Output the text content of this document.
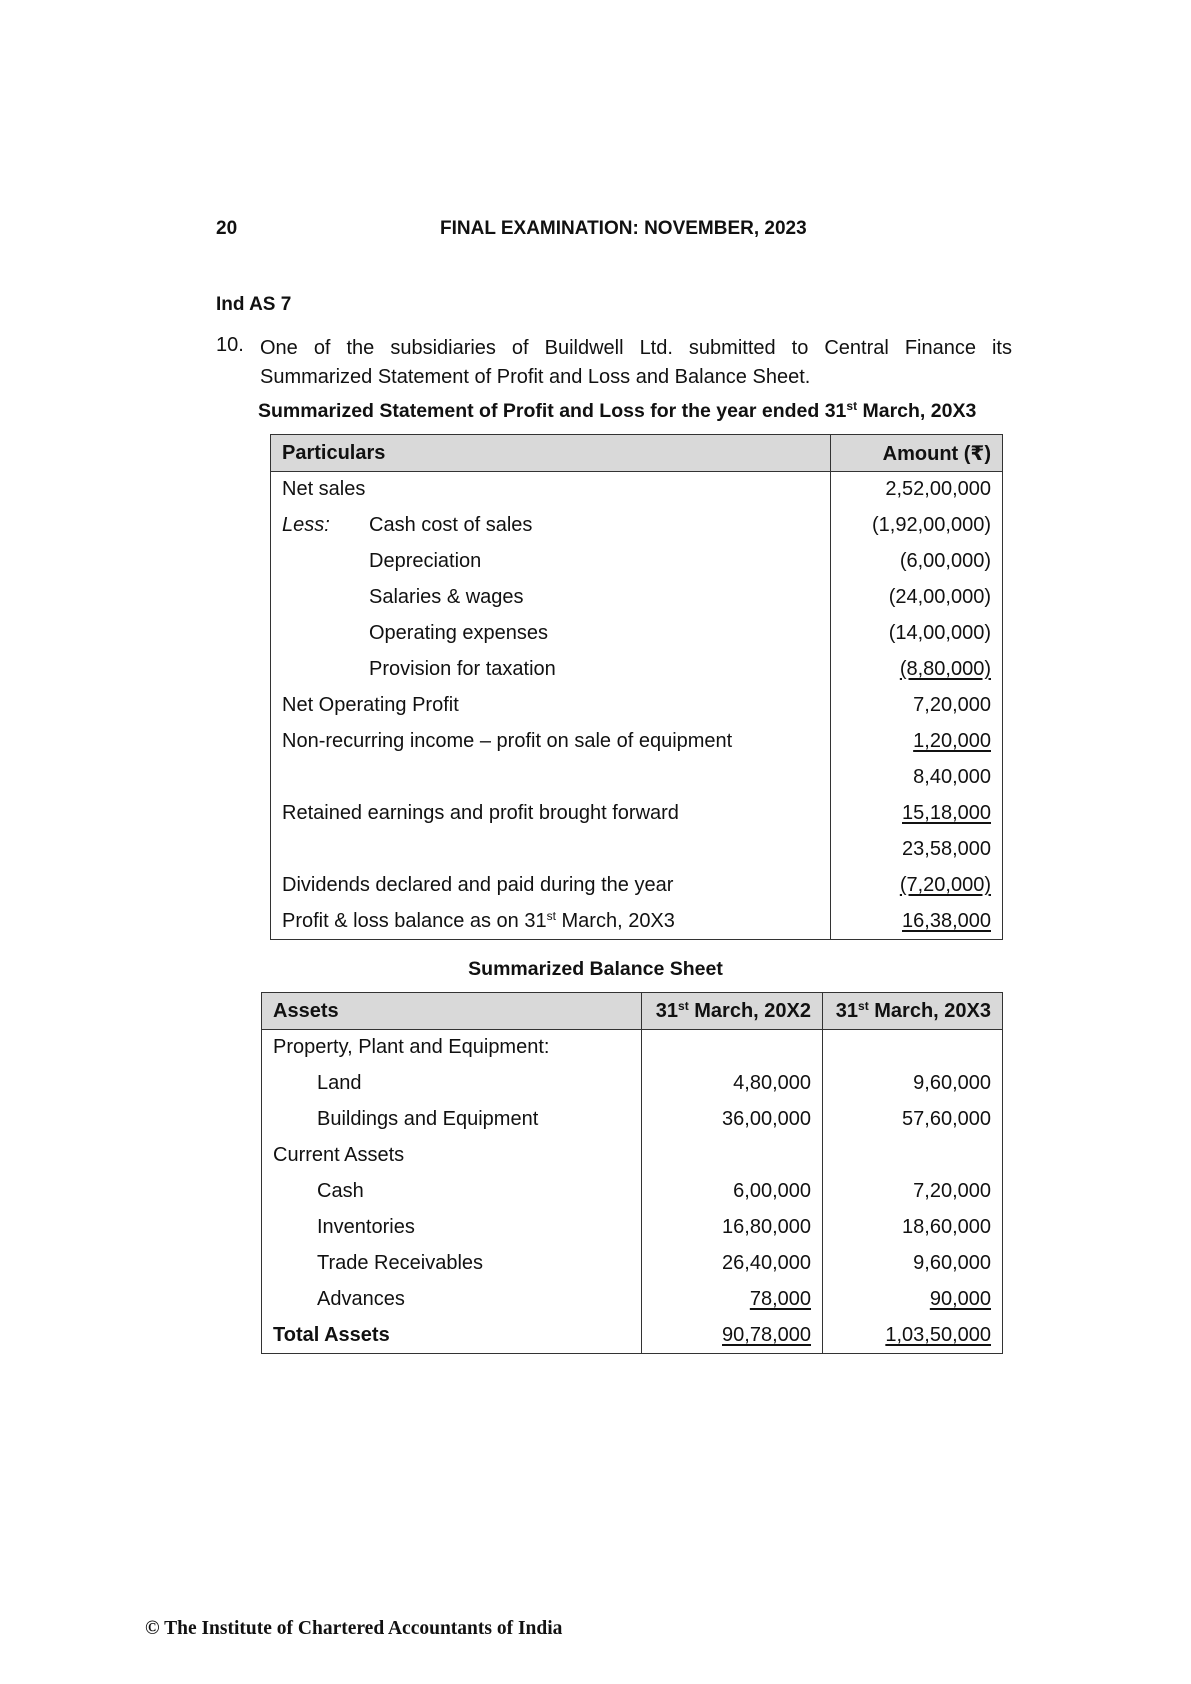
20	FINAL EXAMINATION: NOVEMBER, 2023
Ind AS 7
10. One of the subsidiaries of Buildwell Ltd. submitted to Central Finance its Summarized Statement of Profit and Loss and Balance Sheet.
Summarized Statement of Profit and Loss for the year ended 31st March, 20X3
Particulars	Amount (₹)
Net sales	2,52,00,000
Less: Cash cost of sales	(1,92,00,000)
Depreciation	(6,00,000)
Salaries & wages	(24,00,000)
Operating expenses	(14,00,000)
Provision for taxation	(8,80,000)
Net Operating Profit	7,20,000
Non-recurring income – profit on sale of equipment	1,20,000
	8,40,000
Retained earnings and profit brought forward	15,18,000
	23,58,000
Dividends declared and paid during the year	(7,20,000)
Profit & loss balance as on 31st March, 20X3	16,38,000
Summarized Balance Sheet
Assets	31st March, 20X2	31st March, 20X3
Property, Plant and Equipment:		
Land	4,80,000	9,60,000
Buildings and Equipment	36,00,000	57,60,000
Current Assets		
Cash	6,00,000	7,20,000
Inventories	16,80,000	18,60,000
Trade Receivables	26,40,000	9,60,000
Advances	78,000	90,000
Total Assets	90,78,000	1,03,50,000
© The Institute of Chartered Accountants of India
